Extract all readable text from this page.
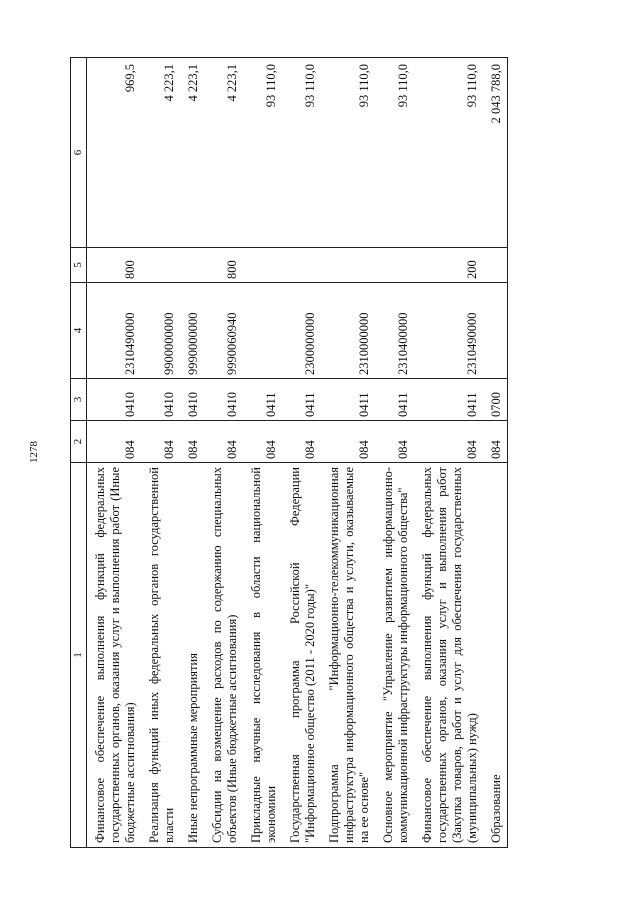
1278
1	2	3	4	5	6
Финансовое обеспечение выполнения функций федеральных государственных органов, оказания услуг и выполнения работ (Иные бюджетные ассигнования)	084	0410	2310490000	800	969,5
Реализация функций иных федеральных органов государственной власти	084	0410	9900000000		4 223,1
Иные непрограммные мероприятия	084	0410	9990000000		4 223,1
Субсидии на возмещение расходов по содержанию специальных объектов (Иные бюджетные ассигнования)	084	0410	9990060940	800	4 223,1
Прикладные научные исследования в области национальной экономики	084	0411			93 110,0
Государственная программа Российской Федерации "Информационное общество (2011 - 2020 годы)"	084	0411	2300000000		93 110,0
Подпрограмма "Информационно-телекоммуникационная инфраструктура информационного общества и услуги, оказываемые на ее основе"	084	0411	2310000000		93 110,0
Основное мероприятие "Управление развитием информационно-коммуникационной инфраструктуры информационного общества"	084	0411	2310400000		93 110,0
Финансовое обеспечение выполнения функций федеральных государственных органов, оказания услуг и выполнения работ (Закупка товаров, работ и услуг для обеспечения государственных (муниципальных) нужд)	084	0411	2310490000	200	93 110,0
Образование	084	0700			2 043 788,0
